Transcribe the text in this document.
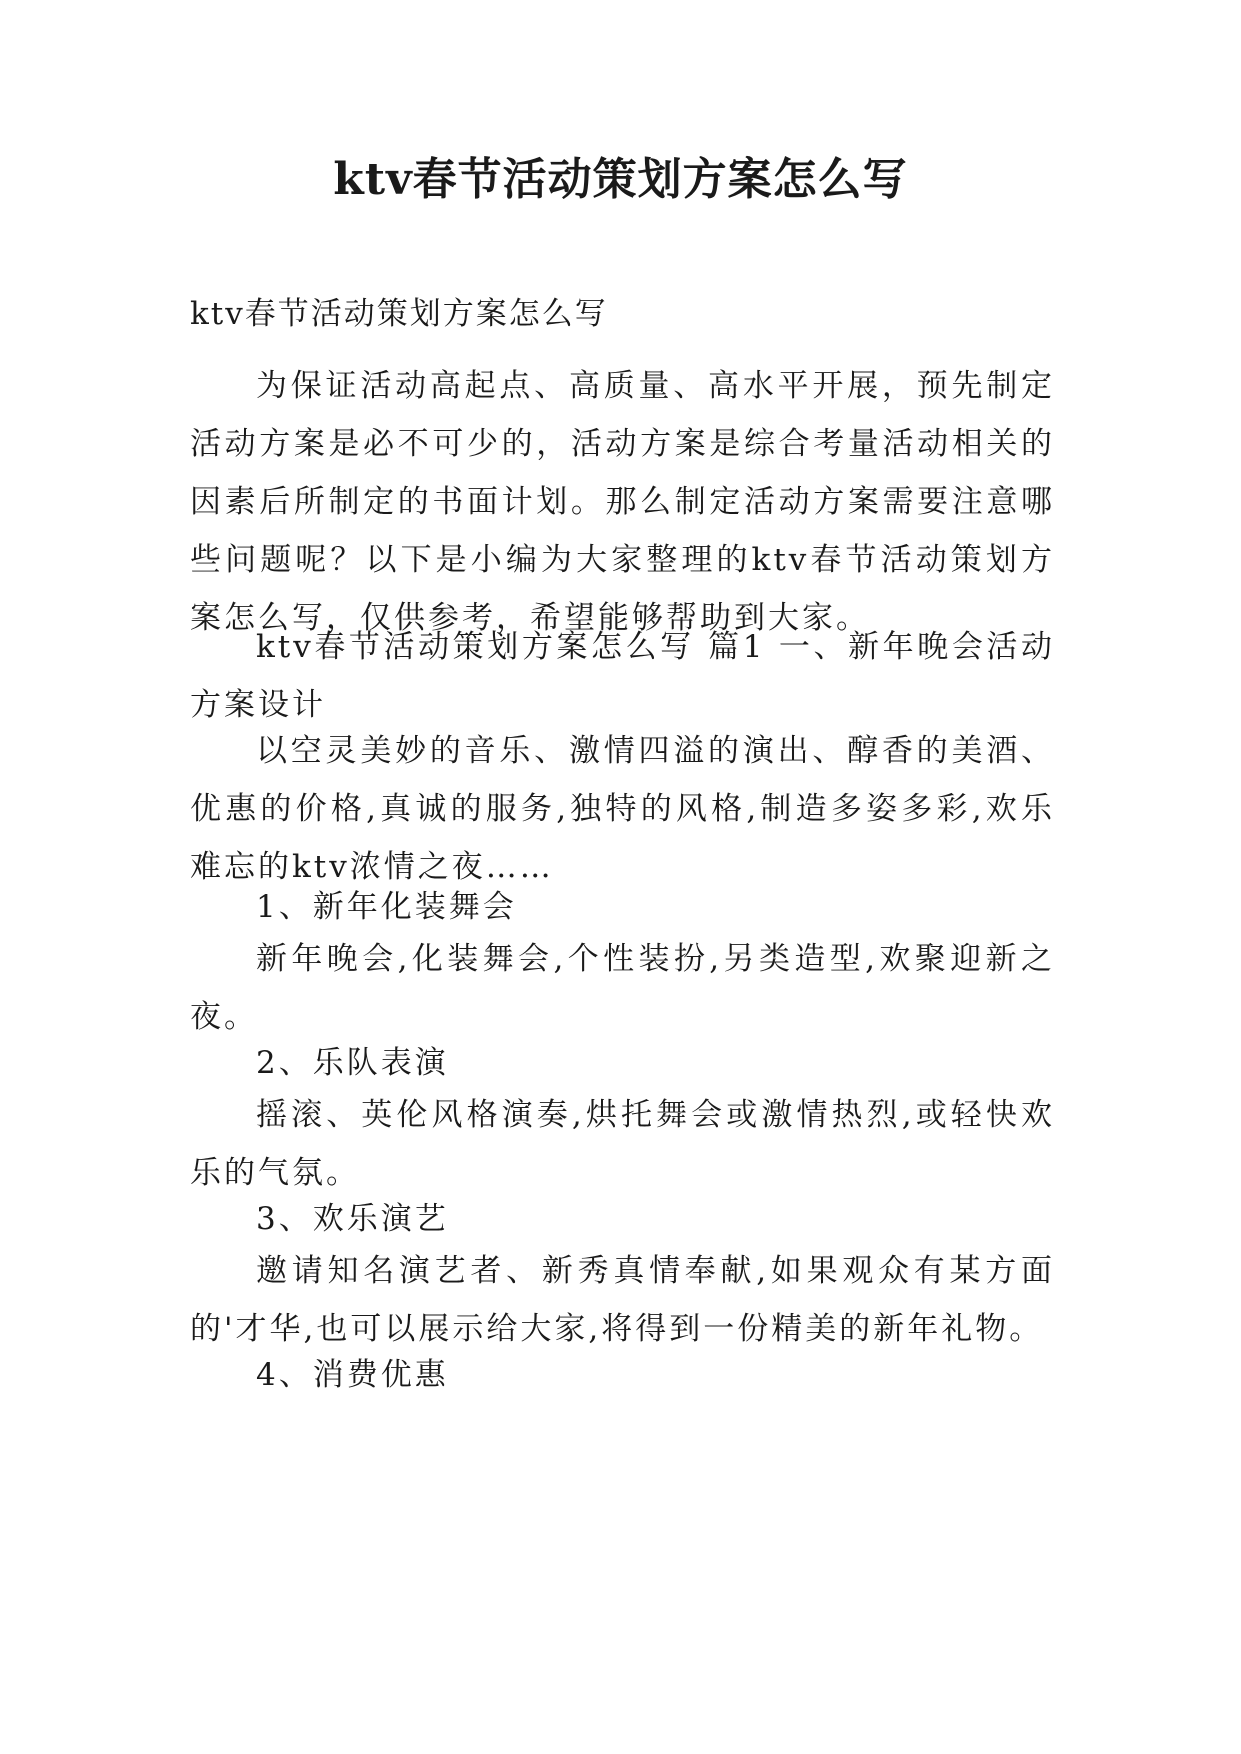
ktv春节活动策划方案怎么写
ktv春节活动策划方案怎么写
为保证活动高起点、高质量、高水平开展，预先制定活动方案是必不可少的，活动方案是综合考量活动相关的因素后所制定的书面计划。那么制定活动方案需要注意哪些问题呢？以下是小编为大家整理的ktv春节活动策划方案怎么写，仅供参考，希望能够帮助到大家。
ktv春节活动策划方案怎么写 篇1 一、新年晚会活动方案设计
以空灵美妙的音乐、激情四溢的演出、醇香的美酒、优惠的价格,真诚的服务,独特的风格,制造多姿多彩,欢乐难忘的ktv浓情之夜……
1、新年化装舞会
新年晚会,化装舞会,个性装扮,另类造型,欢聚迎新之夜。
2、乐队表演
摇滚、英伦风格演奏,烘托舞会或激情热烈,或轻快欢乐的气氛。
3、欢乐演艺
邀请知名演艺者、新秀真情奉献,如果观众有某方面的'才华,也可以展示给大家,将得到一份精美的新年礼物。
4、消费优惠
